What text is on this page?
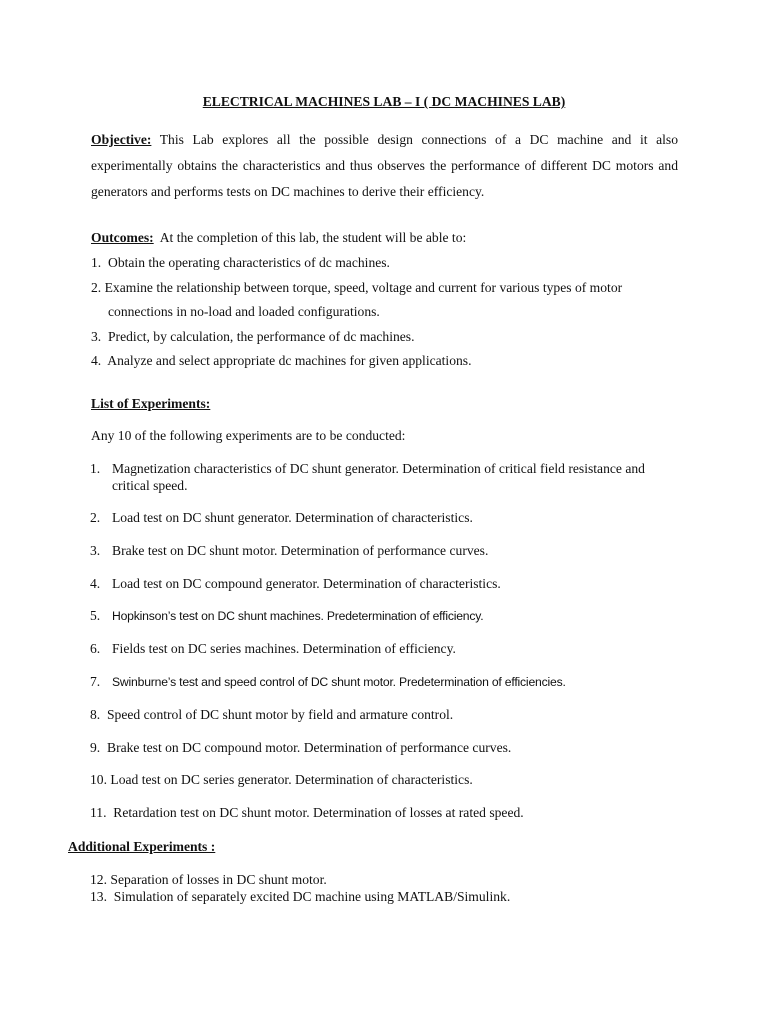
ELECTRICAL MACHINES LAB – I ( DC MACHINES LAB)
Objective: This Lab explores all the possible design connections of a DC machine and it also
experimentally obtains the characteristics and thus observes the performance of different DC motors and
generators and performs tests on DC machines to derive their efficiency.
Outcomes: At the completion of this lab, the student will be able to:
1. Obtain the operating characteristics of dc machines.
2. Examine the relationship between torque, speed, voltage and current for various types of motor
connections in no-load and loaded configurations.
3. Predict, by calculation, the performance of dc machines.
4. Analyze and select appropriate dc machines for given applications.
List of Experiments:
Any 10 of the following experiments are to be conducted:
1. Magnetization characteristics of DC shunt generator. Determination of critical field resistance and
critical speed.
2. Load test on DC shunt generator. Determination of characteristics.
3. Brake test on DC shunt motor. Determination of performance curves.
4. Load test on DC compound generator. Determination of characteristics.
5. Hopkinson’s test on DC shunt machines. Predetermination of efficiency.
6. Fields test on DC series machines. Determination of efficiency.
7. Swinburne’s test and speed control of DC shunt motor. Predetermination of efficiencies.
8. Speed control of DC shunt motor by field and armature control.
9. Brake test on DC compound motor. Determination of performance curves.
10. Load test on DC series generator. Determination of characteristics.
11. Retardation test on DC shunt motor. Determination of losses at rated speed.
Additional Experiments :
12. Separation of losses in DC shunt motor.
13. Simulation of separately excited DC machine using MATLAB/Simulink.
